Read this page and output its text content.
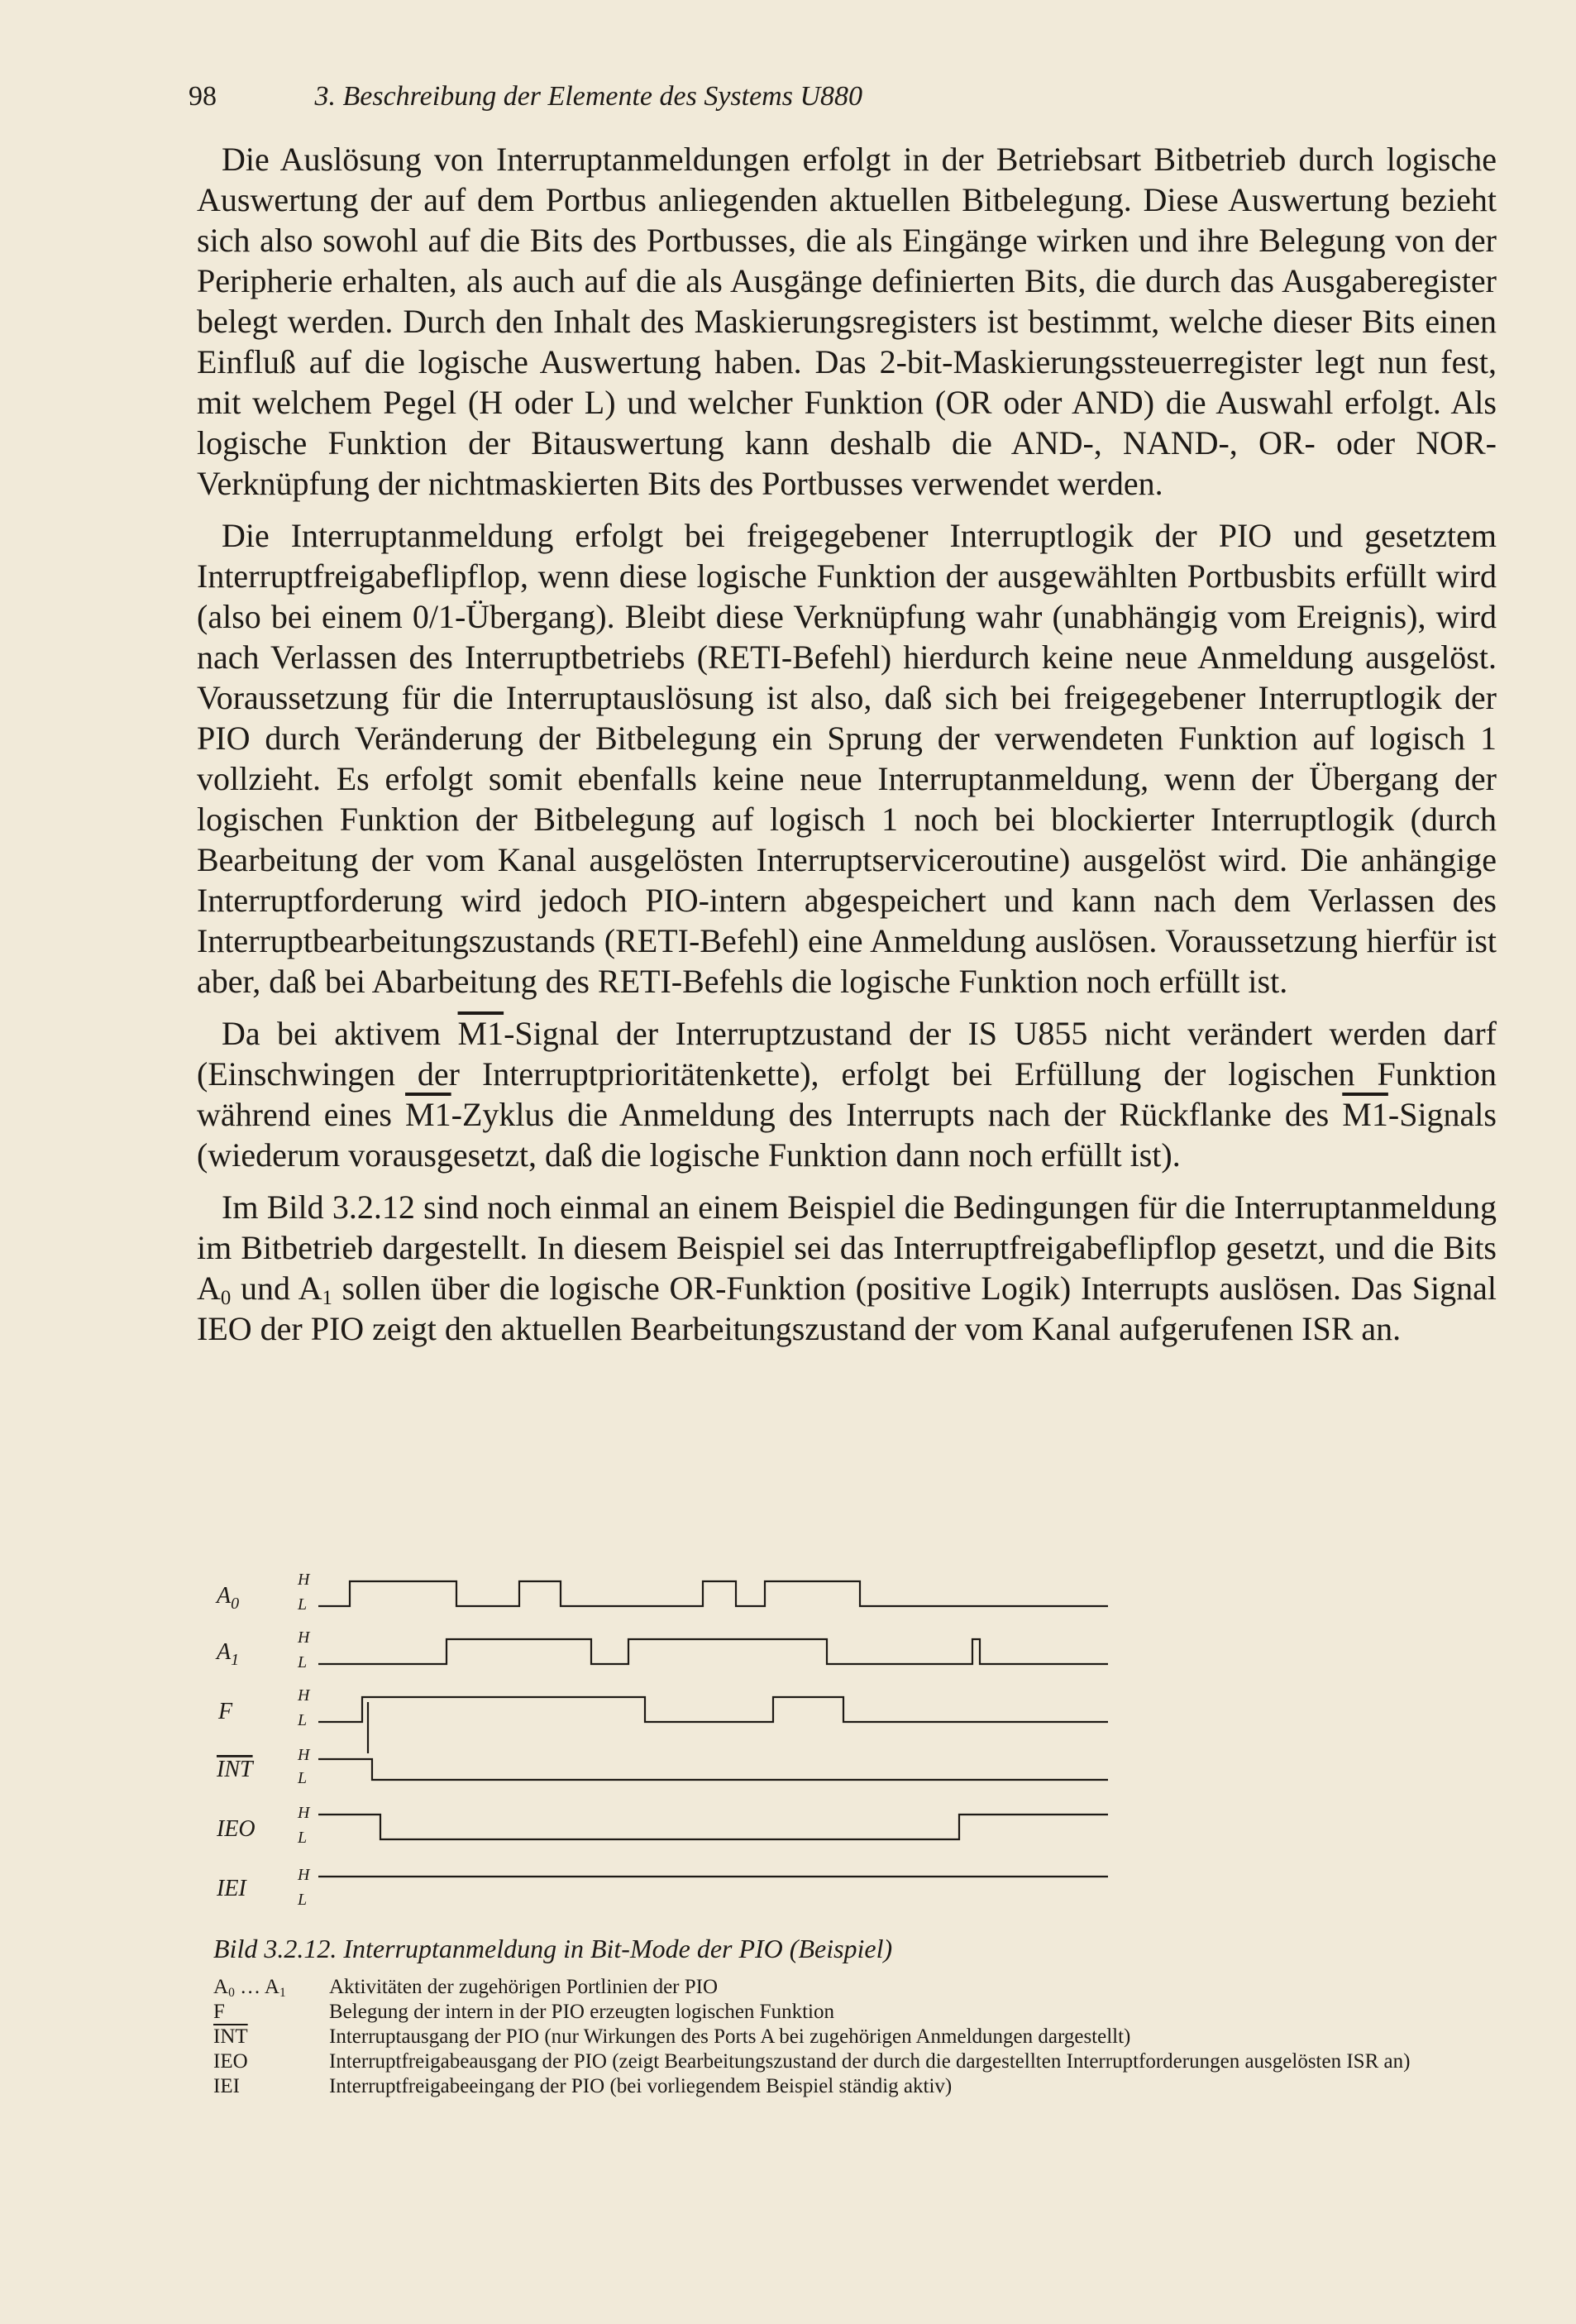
98	3. Beschreibung der Elemente des Systems U880

Die Auslösung von Interruptanmeldungen erfolgt in der Betriebsart Bitbetrieb durch logische Auswertung der auf dem Portbus anliegenden aktuellen Bitbelegung. Diese Auswertung bezieht sich also sowohl auf die Bits des Portbusses, die als Eingänge wirken und ihre Belegung von der Peripherie erhalten, als auch auf die als Ausgänge definierten Bits, die durch das Ausgaberegister belegt werden. Durch den Inhalt des Maskierungsregisters ist bestimmt, welche dieser Bits einen Einfluß auf die logische Auswertung haben. Das 2-bit-Maskierungssteuerregister legt nun fest, mit welchem Pegel (H oder L) und welcher Funktion (OR oder AND) die Auswahl erfolgt. Als logische Funktion der Bitauswertung kann deshalb die AND-, NAND-, OR- oder NOR-Verknüpfung der nichtmaskierten Bits des Portbusses verwendet werden.

Die Interruptanmeldung erfolgt bei freigegebener Interruptlogik der PIO und gesetztem Interruptfreigabeflipflop, wenn diese logische Funktion der ausgewählten Portbusbits erfüllt wird (also bei einem 0/1-Übergang). Bleibt diese Verknüpfung wahr (unabhängig vom Ereignis), wird nach Verlassen des Interruptbetriebs (RETI-Befehl) hierdurch keine neue Anmeldung ausgelöst. Voraussetzung für die Interruptauslösung ist also, daß sich bei freigegebener Interruptlogik der PIO durch Veränderung der Bitbelegung ein Sprung der verwendeten Funktion auf logisch 1 vollzieht. Es erfolgt somit ebenfalls keine neue Interruptanmeldung, wenn der Übergang der logischen Funktion der Bitbelegung auf logisch 1 noch bei blockierter Interruptlogik (durch Bearbeitung der vom Kanal ausgelösten Interruptserviceroutine) ausgelöst wird. Die anhängige Interruptforderung wird jedoch PIO-intern abgespeichert und kann nach dem Verlassen des Interruptbearbeitungszustands (RETI-Befehl) eine Anmeldung auslösen. Voraussetzung hierfür ist aber, daß bei Abarbeitung des RETI-Befehls die logische Funktion noch erfüllt ist.

Da bei aktivem M1-Signal der Interruptzustand der IS U855 nicht verändert werden darf (Einschwingen der Interruptprioritätenkette), erfolgt bei Erfüllung der logischen Funktion während eines M1-Zyklus die Anmeldung des Interrupts nach der Rückflanke des M1-Signals (wiederum vorausgesetzt, daß die logische Funktion dann noch erfüllt ist).

Im Bild 3.2.12 sind noch einmal an einem Beispiel die Bedingungen für die Interruptanmeldung im Bitbetrieb dargestellt. In diesem Beispiel sei das Interruptfreigabeflipflop gesetzt, und die Bits $A_0$ und $A_1$ sollen über die logische OR-Funktion (positive Logik) Interrupts auslösen. Das Signal IEO der PIO zeigt den aktuellen Bearbeitungszustand der vom Kanal aufgerufenen ISR an.

$A_0$
$A_1$
F
INT
IEO
IEI
H
L
H
L
H
L
H
L
H
L
H
L
Bild 3.2.12. Interruptanmeldung in Bit-Mode der PIO (Beispiel)
$A_0$ … $A_1$	Aktivitäten der zugehörigen Portlinien der PIO
F	Belegung der intern in der PIO erzeugten logischen Funktion
$\overline{INT}$	Interruptausgang der PIO (nur Wirkungen des Ports A bei zugehörigen Anmeldungen dargestellt)
IEO	Interruptfreigabeausgang der PIO (zeigt Bearbeitungszustand der durch die dargestellten Interruptforderungen ausgelösten ISR an)
IEI	Interruptfreigabeeingang der PIO (bei vorliegendem Beispiel ständig aktiv)
